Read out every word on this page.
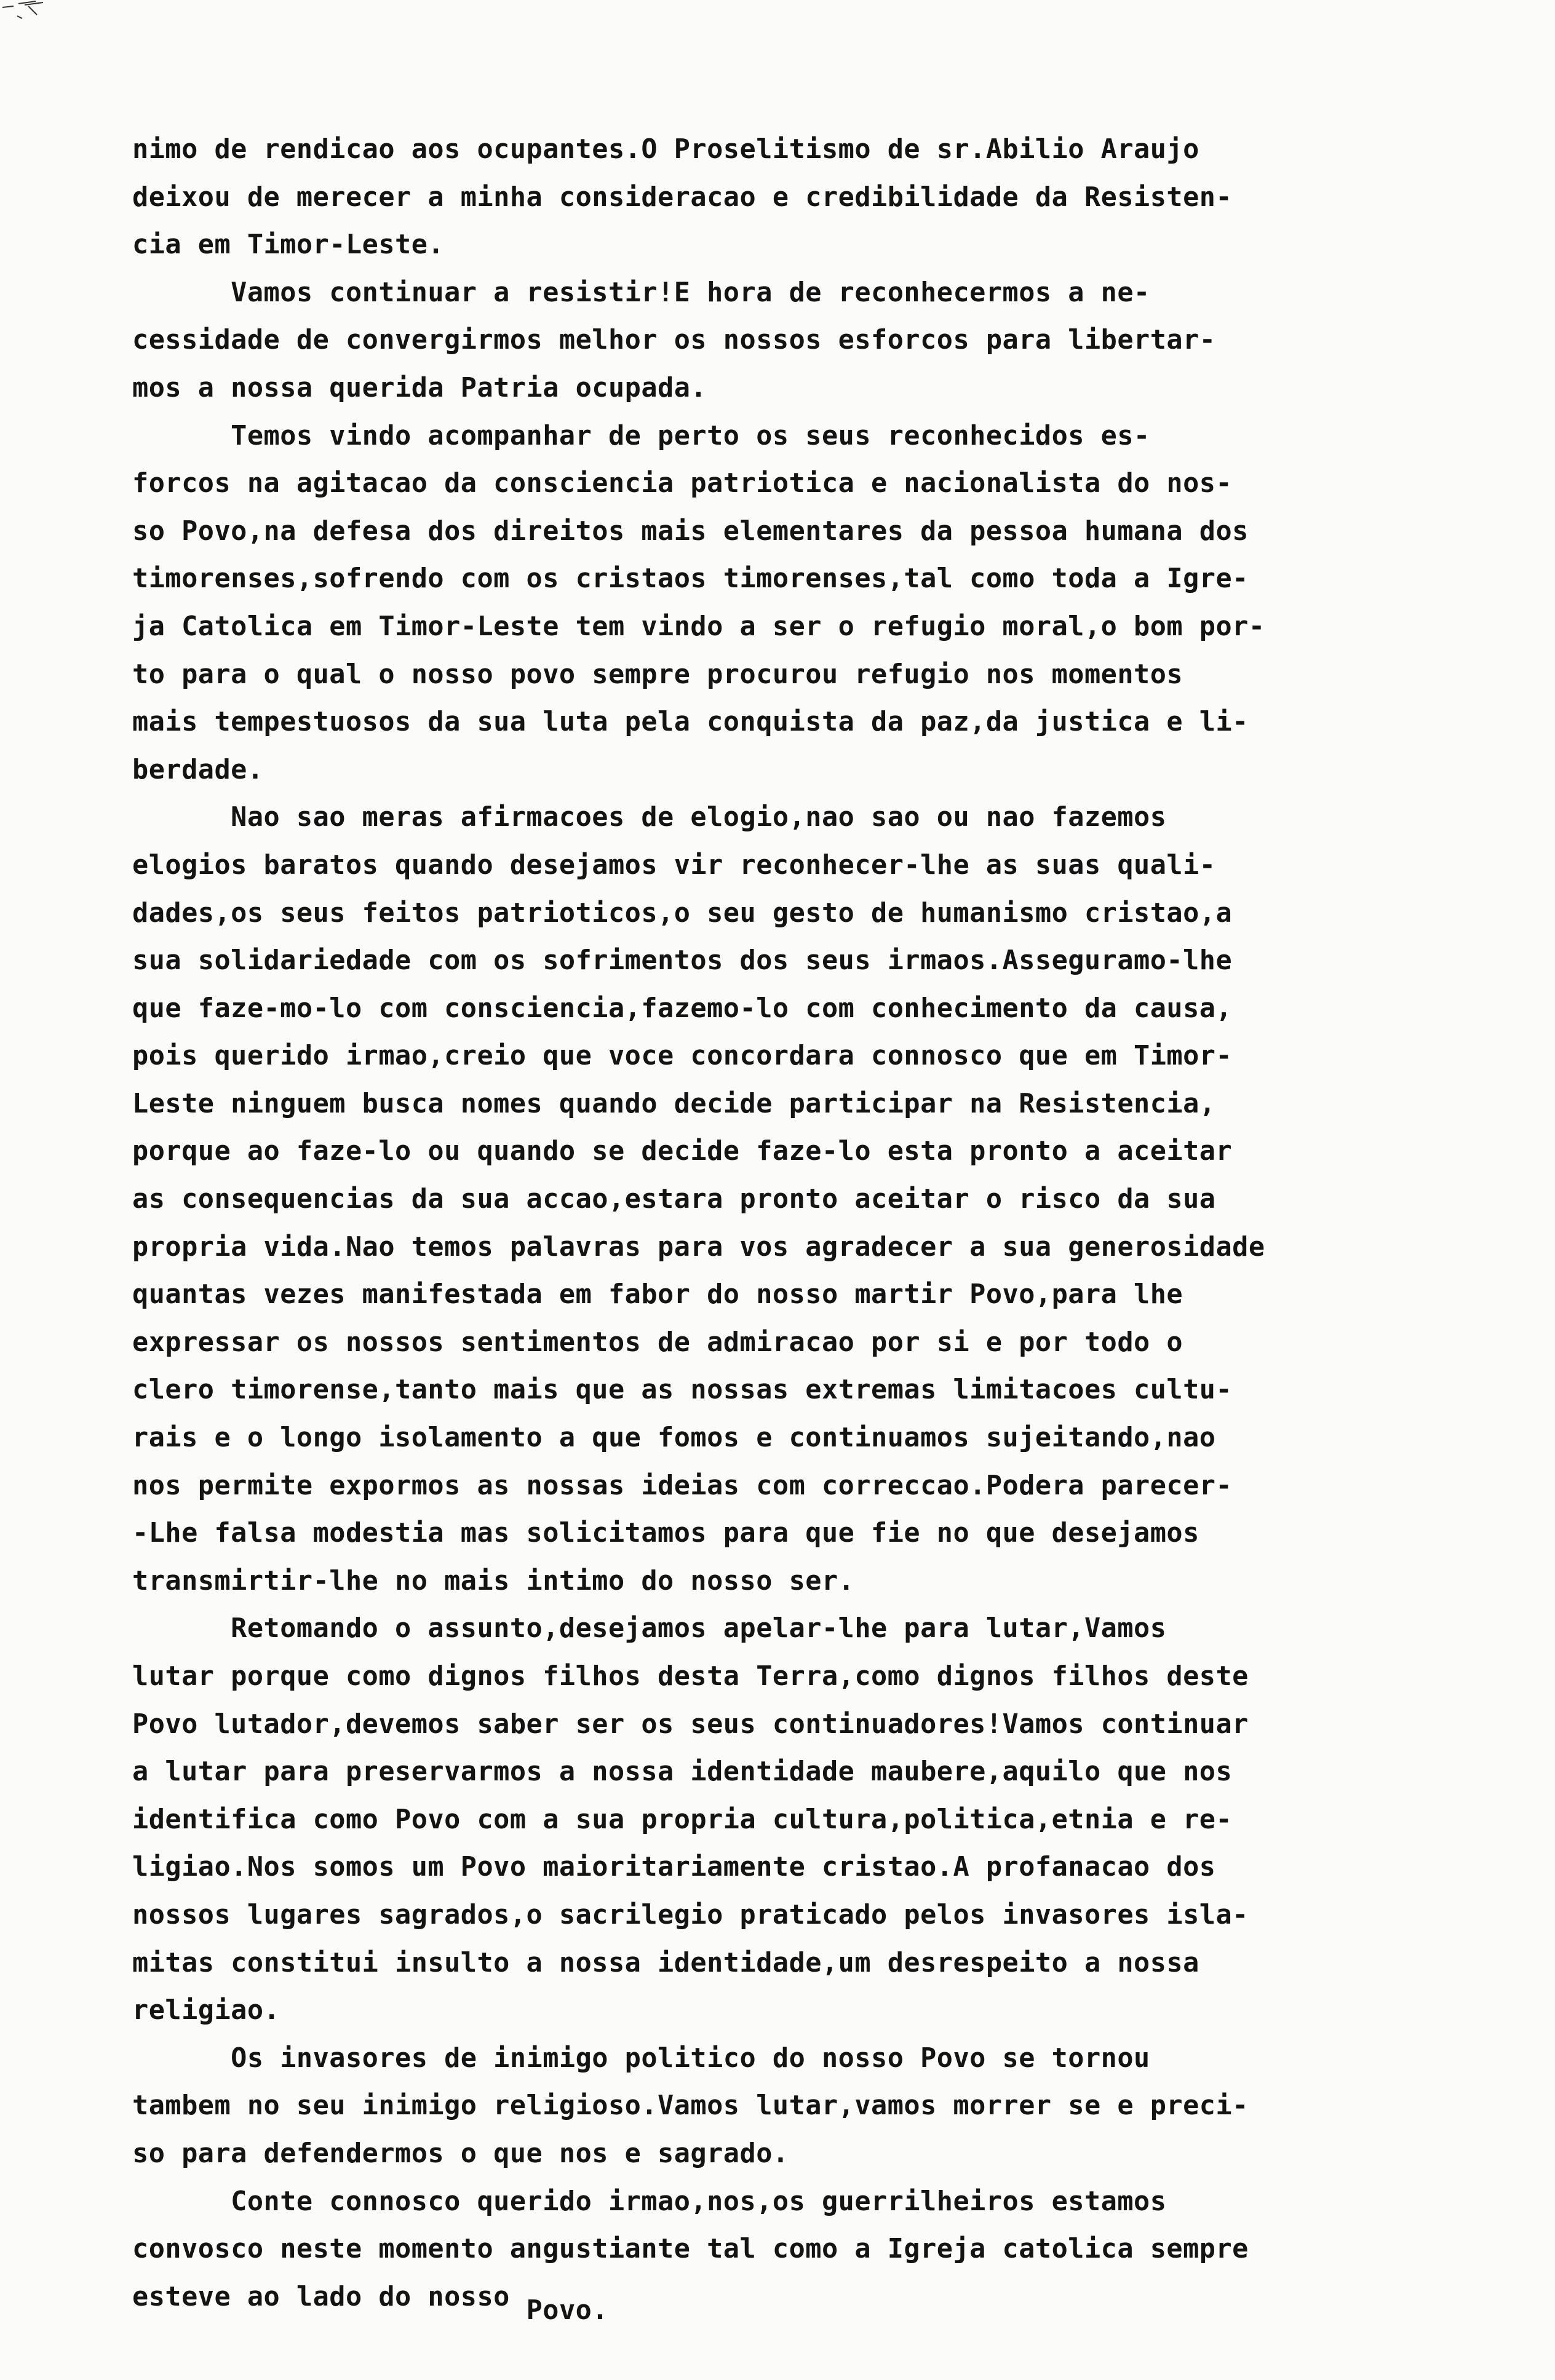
nimo de rendicao aos ocupantes.O Proselitismo de sr.Abilio Araujo
deixou de merecer a minha consideracao e credibilidade da Resisten-
cia em Timor-Leste.
Vamos continuar a resistir!E hora de reconhecermos a ne-
cessidade de convergirmos melhor os nossos esforcos para libertar-
mos a nossa querida Patria ocupada.
Temos vindo acompanhar de perto os seus reconhecidos es-
forcos na agitacao da consciencia patriotica e nacionalista do nos-
so Povo,na defesa dos direitos mais elementares da pessoa humana dos
timorenses,sofrendo com os cristaos timorenses,tal como toda a Igre-
ja Catolica em Timor-Leste tem vindo a ser o refugio moral,o bom por-
to para o qual o nosso povo sempre procurou refugio nos momentos
mais tempestuosos da sua luta pela conquista da paz,da justica e li-
berdade.
Nao sao meras afirmacoes de elogio,nao sao ou nao fazemos
elogios baratos quando desejamos vir reconhecer-lhe as suas quali-
dades,os seus feitos patrioticos,o seu gesto de humanismo cristao,a
sua solidariedade com os sofrimentos dos seus irmaos.Asseguramo-lhe
que faze-mo-lo com consciencia,fazemo-lo com conhecimento da causa,
pois querido irmao,creio que voce concordara connosco que em Timor-
Leste ninguem busca nomes quando decide participar na Resistencia,
porque ao faze-lo ou quando se decide faze-lo esta pronto a aceitar
as consequencias da sua accao,estara pronto aceitar o risco da sua
propria vida.Nao temos palavras para vos agradecer a sua generosidade
quantas vezes manifestada em fabor do nosso martir Povo,para lhe
expressar os nossos sentimentos de admiracao por si e por todo o
clero timorense,tanto mais que as nossas extremas limitacoes cultu-
rais e o longo isolamento a que fomos e continuamos sujeitando,nao
nos permite expormos as nossas ideias com correccao.Podera parecer-
-Lhe falsa modestia mas solicitamos para que fie no que desejamos
transmirtir-lhe no mais intimo do nosso ser.
Retomando o assunto,desejamos apelar-lhe para lutar,Vamos
lutar porque como dignos filhos desta Terra,como dignos filhos deste
Povo lutador,devemos saber ser os seus continuadores!Vamos continuar
a lutar para preservarmos a nossa identidade maubere,aquilo que nos
identifica como Povo com a sua propria cultura,politica,etnia e re-
ligiao.Nos somos um Povo maioritariamente cristao.A profanacao dos
nossos lugares sagrados,o sacrilegio praticado pelos invasores isla-
mitas constitui insulto a nossa identidade,um desrespeito a nossa
religiao.
Os invasores de inimigo politico do nosso Povo se tornou
tambem no seu inimigo religioso.Vamos lutar,vamos morrer se e preci-
so para defendermos o que nos e sagrado.
Conte connosco querido irmao,nos,os guerrilheiros estamos
convosco neste momento angustiante tal como a Igreja catolica sempre
esteve ao lado do nosso Povo.
